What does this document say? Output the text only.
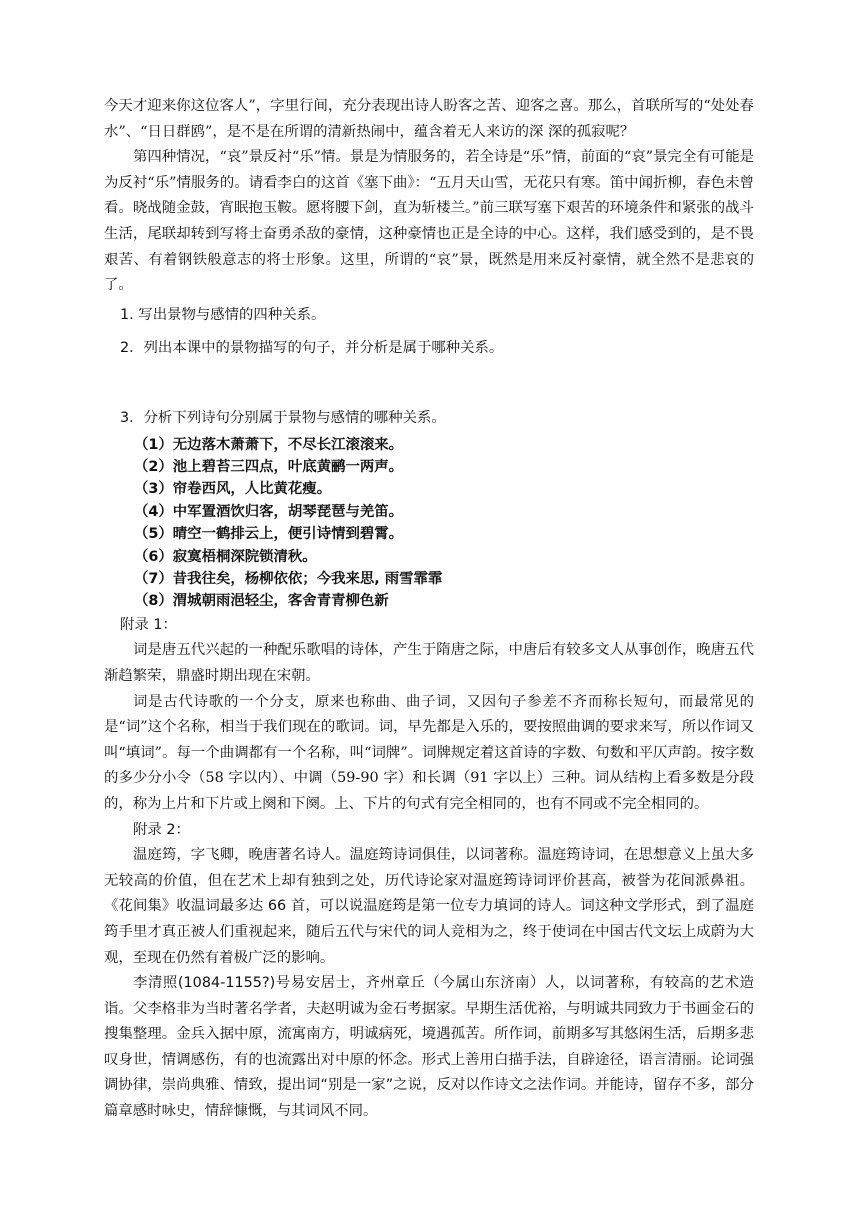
今天才迎来你这位客人”，字里行间，充分表现出诗人盼客之苦、迎客之喜。那么，首联所写的“处处春水”、“日日群鸥”，是不是在所谓的清新热闹中，蕴含着无人来访的深 深的孤寂呢？

第四种情况，“哀”景反衬“乐”情。景是为情服务的，若全诗是“乐”情，前面的“哀”景完全有可能是为反衬“乐”情服务的。请看李白的这首《塞下曲》：“五月天山雪，无花只有寒。笛中闻折柳，春色未曾看。晓战随金鼓，宵眠抱玉鞍。愿将腰下剑，直为斩楼兰。”前三联写塞下艰苦的环境条件和紧张的战斗生活，尾联却转到写将士奋勇杀敌的豪情，这种豪情也正是全诗的中心。这样，我们感受到的，是不畏艰苦、有着钢铁般意志的将士形象。这里，所谓的“哀”景，既然是用来反衬豪情，就全然不是悲哀的了。

1. 写出景物与感情的四种关系。

2．列出本课中的景物描写的句子，并分析是属于哪种关系。

3．分析下列诗句分别属于景物与感情的哪种关系。

（1）无边落木萧萧下，不尽长江滚滚来。
（2）池上碧苔三四点，叶底黄鹂一两声。
（3）帘卷西风，人比黄花瘦。
（4）中军置酒饮归客，胡琴琵琶与羌笛。
（5）晴空一鹤排云上，便引诗情到碧霄。
（6）寂寞梧桐深院锁清秋。
（7）昔我往矣，杨柳依依；今我来思, 雨雪霏霏
（8）渭城朝雨浥轻尘，客舍青青柳色新

附录 1：

词是唐五代兴起的一种配乐歌唱的诗体，产生于隋唐之际，中唐后有较多文人从事创作，晚唐五代渐趋繁荣，鼎盛时期出现在宋朝。

词是古代诗歌的一个分支，原来也称曲、曲子词，又因句子参差不齐而称长短句，而最常见的是“词”这个名称，相当于我们现在的歌词。词，早先都是入乐的，要按照曲调的要求来写，所以作词又叫“填词”。每一个曲调都有一个名称，叫“词牌”。词牌规定着这首诗的字数、句数和平仄声韵。按字数的多少分小令（58 字以内）、中调（59-90 字）和长调（91 字以上）三种。词从结构上看多数是分段的，称为上片和下片或上阕和下阕。上、下片的句式有完全相同的，也有不同或不完全相同的。

附录 2：

温庭筠，字飞卿，晚唐著名诗人。温庭筠诗词俱佳，以词著称。温庭筠诗词，在思想意义上虽大多无较高的价值，但在艺术上却有独到之处，历代诗论家对温庭筠诗词评价甚高，被誉为花间派鼻祖。《花间集》收温词最多达 66 首，可以说温庭筠是第一位专力填词的诗人。词这种文学形式，到了温庭筠手里才真正被人们重视起来，随后五代与宋代的词人竞相为之，终于使词在中国古代文坛上成蔚为大观，至现在仍然有着极广泛的影响。

李清照(1084-1155?)号易安居士，齐州章丘（今属山东济南）人，以词著称，有较高的艺术造诣。父李格非为当时著名学者，夫赵明诚为金石考据家。早期生活优裕，与明诚共同致力于书画金石的搜集整理。金兵入据中原，流寓南方，明诚病死，境遇孤苦。所作词，前期多写其悠闲生活，后期多悲叹身世，情调感伤，有的也流露出对中原的怀念。形式上善用白描手法，自辟途径，语言清丽。论词强调协律，崇尚典雅、情致，提出词“别是一家”之说，反对以作诗文之法作词。并能诗，留存不多，部分篇章感时咏史，情辞慷慨，与其词风不同。
